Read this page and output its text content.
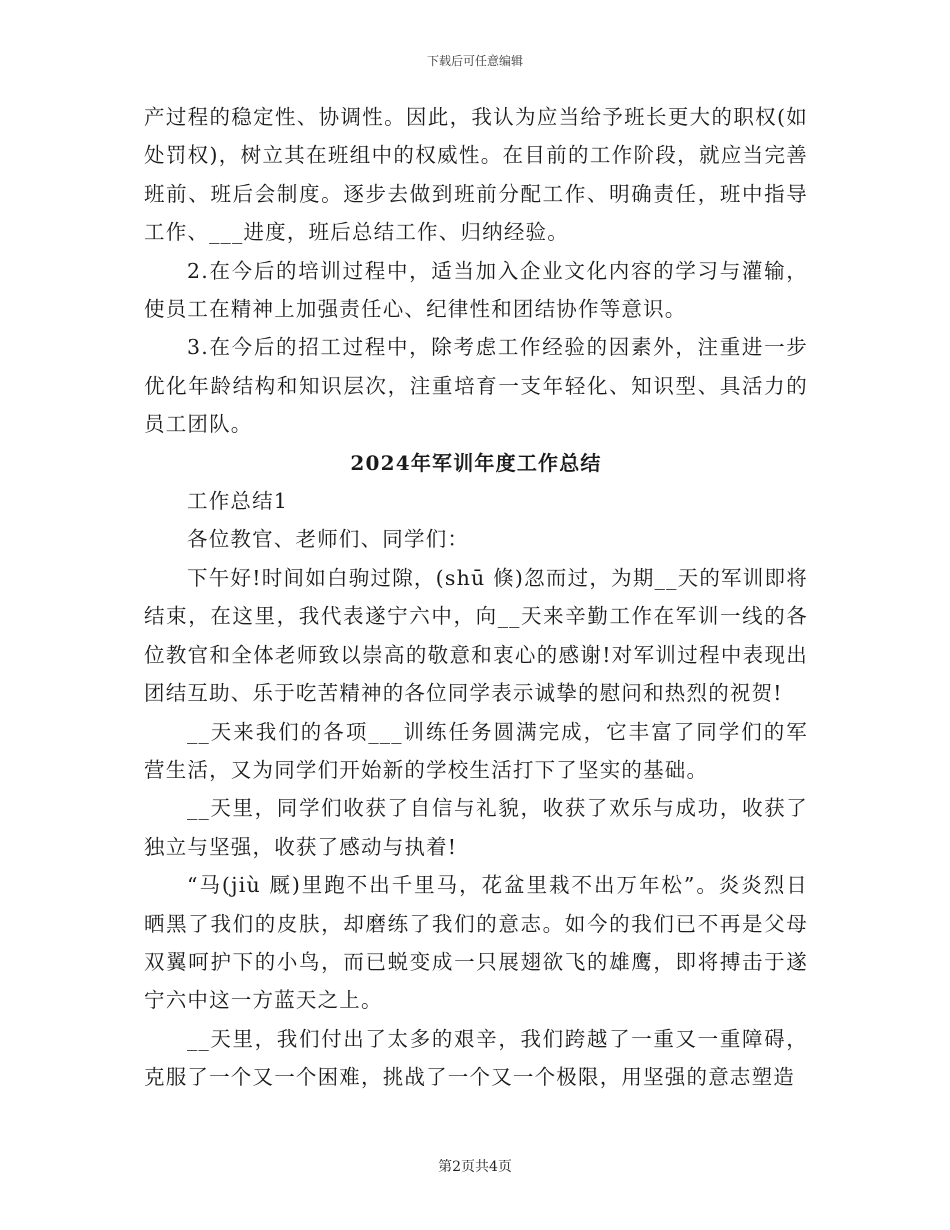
下载后可任意编辑

产过程的稳定性、协调性。因此，我认为应当给予班长更大的职权(如处罚权)，树立其在班组中的权威性。在目前的工作阶段，就应当完善班前、班后会制度。逐步去做到班前分配工作、明确责任，班中指导工作、___进度，班后总结工作、归纳经验。

2.在今后的培训过程中，适当加入企业文化内容的学习与灌输，使员工在精神上加强责任心、纪律性和团结协作等意识。

3.在今后的招工过程中，除考虑工作经验的因素外，注重进一步优化年龄结构和知识层次，注重培育一支年轻化、知识型、具活力的员工团队。

2024年军训年度工作总结

工作总结1

各位教官、老师们、同学们：

下午好!时间如白驹过隙，(shū 倏)忽而过，为期__天的军训即将结束，在这里，我代表遂宁六中，向__天来辛勤工作在军训一线的各位教官和全体老师致以崇高的敬意和衷心的感谢!对军训过程中表现出团结互助、乐于吃苦精神的各位同学表示诚挚的慰问和热烈的祝贺!

__天来我们的各项___训练任务圆满完成，它丰富了同学们的军营生活，又为同学们开始新的学校生活打下了坚实的基础。

__天里，同学们收获了自信与礼貌，收获了欢乐与成功，收获了独立与坚强，收获了感动与执着!

“马(jiù 厩)里跑不出千里马，花盆里栽不出万年松”。炎炎烈日晒黑了我们的皮肤，却磨练了我们的意志。如今的我们已不再是父母双翼呵护下的小鸟，而已蜕变成一只展翅欲飞的雄鹰，即将搏击于遂宁六中这一方蓝天之上。

__天里，我们付出了太多的艰辛，我们跨越了一重又一重障碍，克服了一个又一个困难，挑战了一个又一个极限，用坚强的意志塑造

第2页共4页
